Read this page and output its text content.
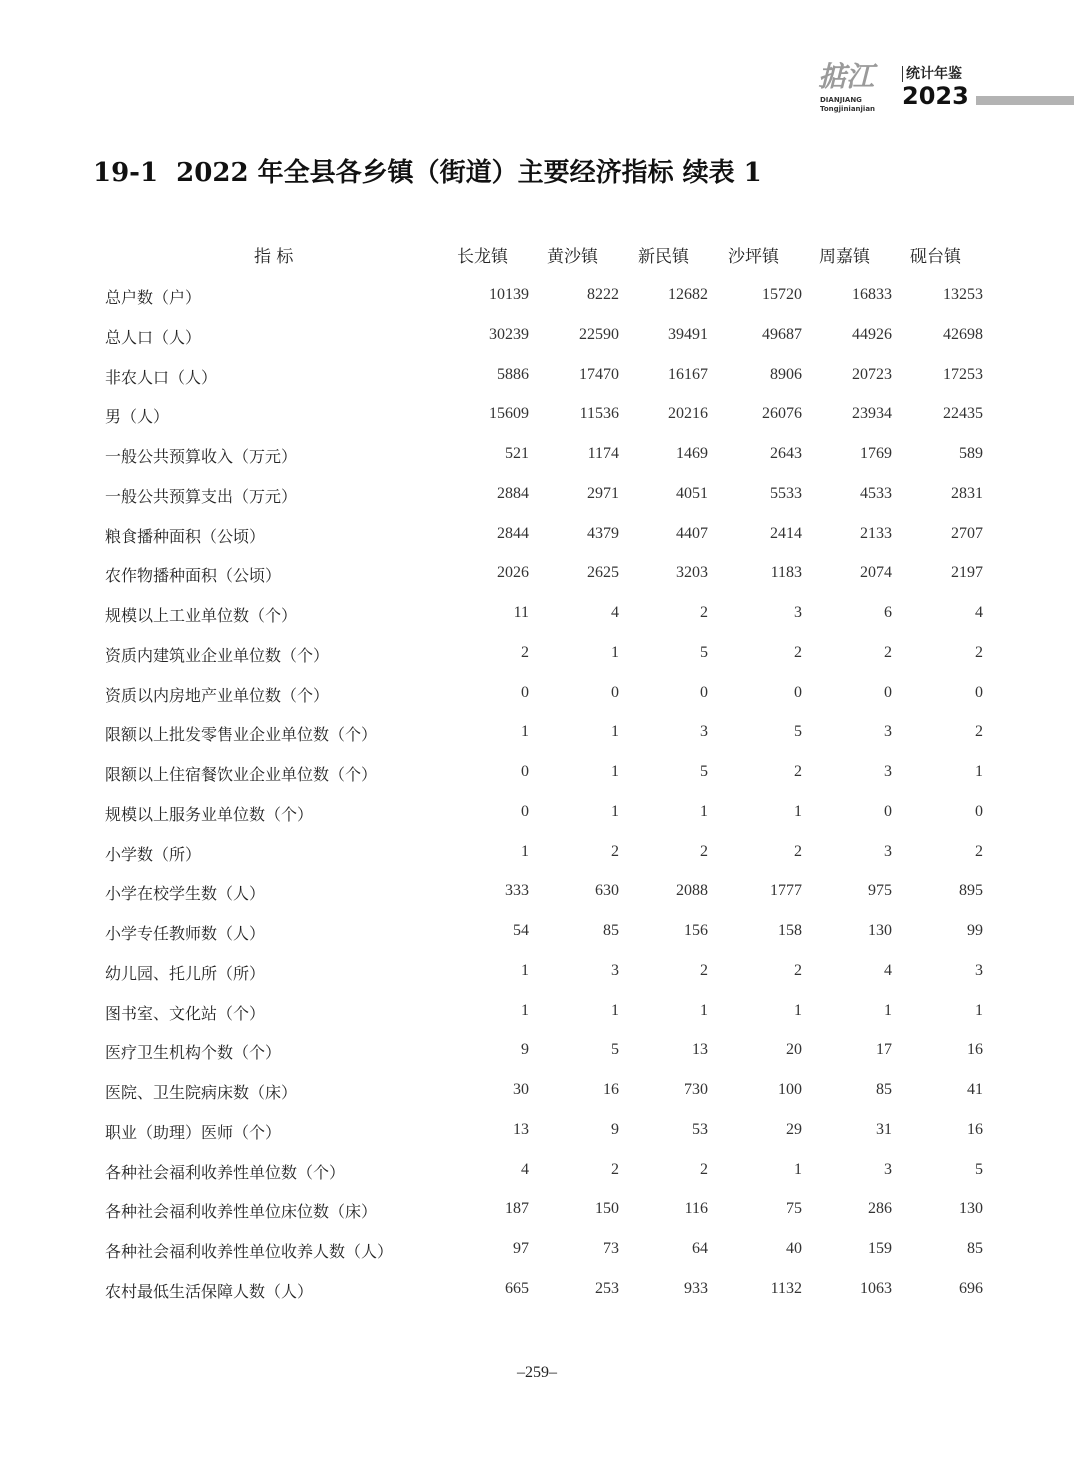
掂江
DIANJIANG
Tongjinianjian
统计年鉴
2023
19-1  2022 年全县各乡镇（街道）主要经济指标 续表 1
指 标	长龙镇 黄沙镇 新民镇 沙坪镇 周嘉镇 砚台镇
总户数（户）	10139	8222	12682	15720	16833	13253
总人口（人）	30239	22590	39491	49687	44926	42698
非农人口（人）	5886	17470	16167	8906	20723	17253
男（人）	15609	11536	20216	26076	23934	22435
一般公共预算收入（万元）	521	1174	1469	2643	1769	589
一般公共预算支出（万元）	2884	2971	4051	5533	4533	2831
粮食播种面积（公顷）	2844	4379	4407	2414	2133	2707
农作物播种面积（公顷）	2026	2625	3203	1183	2074	2197
规模以上工业单位数（个）	11	4	2	3	6	4
资质内建筑业企业单位数（个）	2	1	5	2	2	2
资质以内房地产业单位数（个）	0	0	0	0	0	0
限额以上批发零售业企业单位数（个）	1	1	3	5	3	2
限额以上住宿餐饮业企业单位数（个）	0	1	5	2	3	1
规模以上服务业单位数（个）	0	1	1	1	0	0
小学数（所）	1	2	2	2	3	2
小学在校学生数（人）	333	630	2088	1777	975	895
小学专任教师数（人）	54	85	156	158	130	99
幼儿园、托儿所（所）	1	3	2	2	4	3
图书室、文化站（个）	1	1	1	1	1	1
医疗卫生机构个数（个）	9	5	13	20	17	16
医院、卫生院病床数（床）	30	16	730	100	85	41
职业（助理）医师（个）	13	9	53	29	31	16
各种社会福利收养性单位数（个）	4	2	2	1	3	5
各种社会福利收养性单位床位数（床）	187	150	116	75	286	130
各种社会福利收养性单位收养人数（人）	97	73	64	40	159	85
农村最低生活保障人数（人）	665	253	933	1132	1063	696
–259–
